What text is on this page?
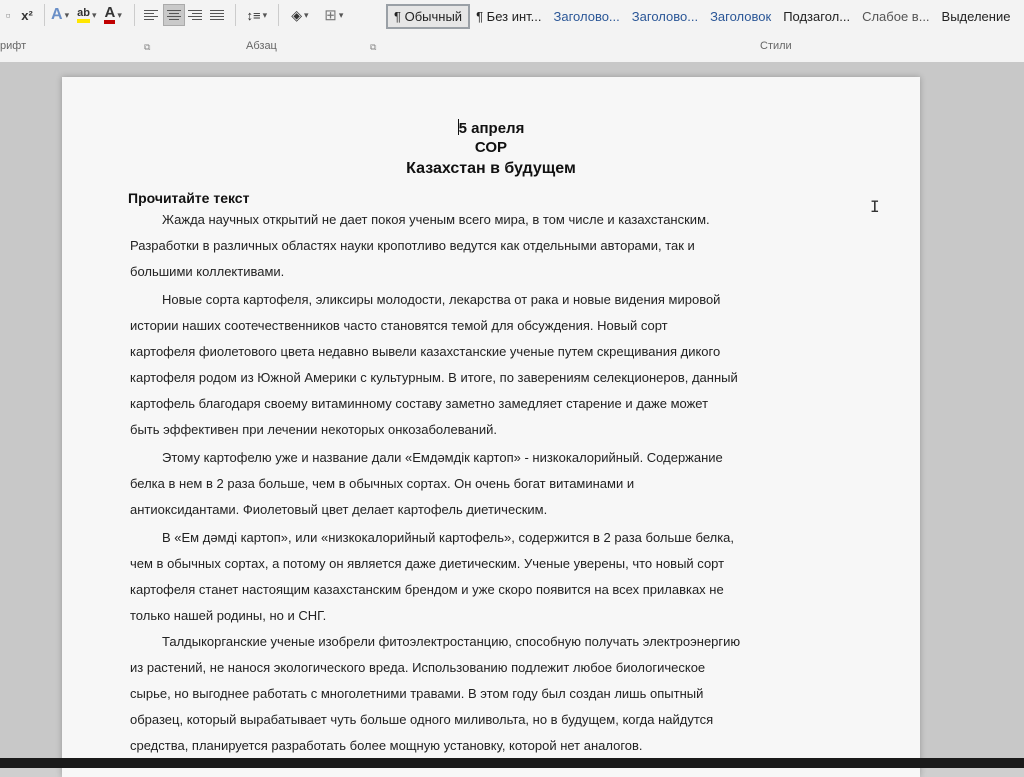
▫ x²	A
▾ ab
▾ A
▾	↕≡
▾ ◈
▾ ⊞
▾	¶ Обычный	¶ Без инт... Заголово... Заголово... Заголовок Подзагол... Слабое в... Выделение
рифт	⧉	Абзац	⧉	Стили
5 апреля
СОР
Казахстан в будущем
Прочитайте текст	I
Жажда научных открытий не дает покоя ученым всего мира, в том числе и казахстанским.
Разработки в различных областях науки кропотливо ведутся как отдельными авторами, так и
большими коллективами.
Новые сорта картофеля, эликсиры молодости, лекарства от рака и новые видения мировой
истории наших соотечественников часто становятся темой для обсуждения. Новый сорт
картофеля фиолетового цвета недавно вывели казахстанские ученые путем скрещивания дикого
картофеля родом из Южной Америки с культурным. В итоге, по заверениям селекционеров, данный
картофель благодаря своему витаминному составу заметно замедляет старение и даже может
быть эффективен при лечении некоторых онкозаболеваний.
Этому картофелю уже и название дали «Емдәмдік картоп» - низкокалорийный. Содержание
белка в нем в 2 раза больше, чем в обычных сортах. Он очень богат витаминами и
антиоксидантами. Фиолетовый цвет делает картофель диетическим.
В «Ем дәмді картоп», или «низкокалорийный картофель», содержится в 2 раза больше белка,
чем в обычных сортах, а потому он является даже диетическим. Ученые уверены, что новый сорт
картофеля станет настоящим казахстанским брендом и уже скоро появится на всех прилавках не
только нашей родины, но и СНГ.
Талдыкорганские ученые изобрели фитоэлектростанцию, способную получать электроэнергию
из растений, не нанося экологического вреда. Использованию подлежит любое биологическое
сырье, но выгоднее работать с многолетними травами. В этом году был создан лишь опытный
образец, который вырабатывает чуть больше одного миливольта, но в будущем, когда найдутся
средства, планируется разработать более мощную установку, которой нет аналогов.
